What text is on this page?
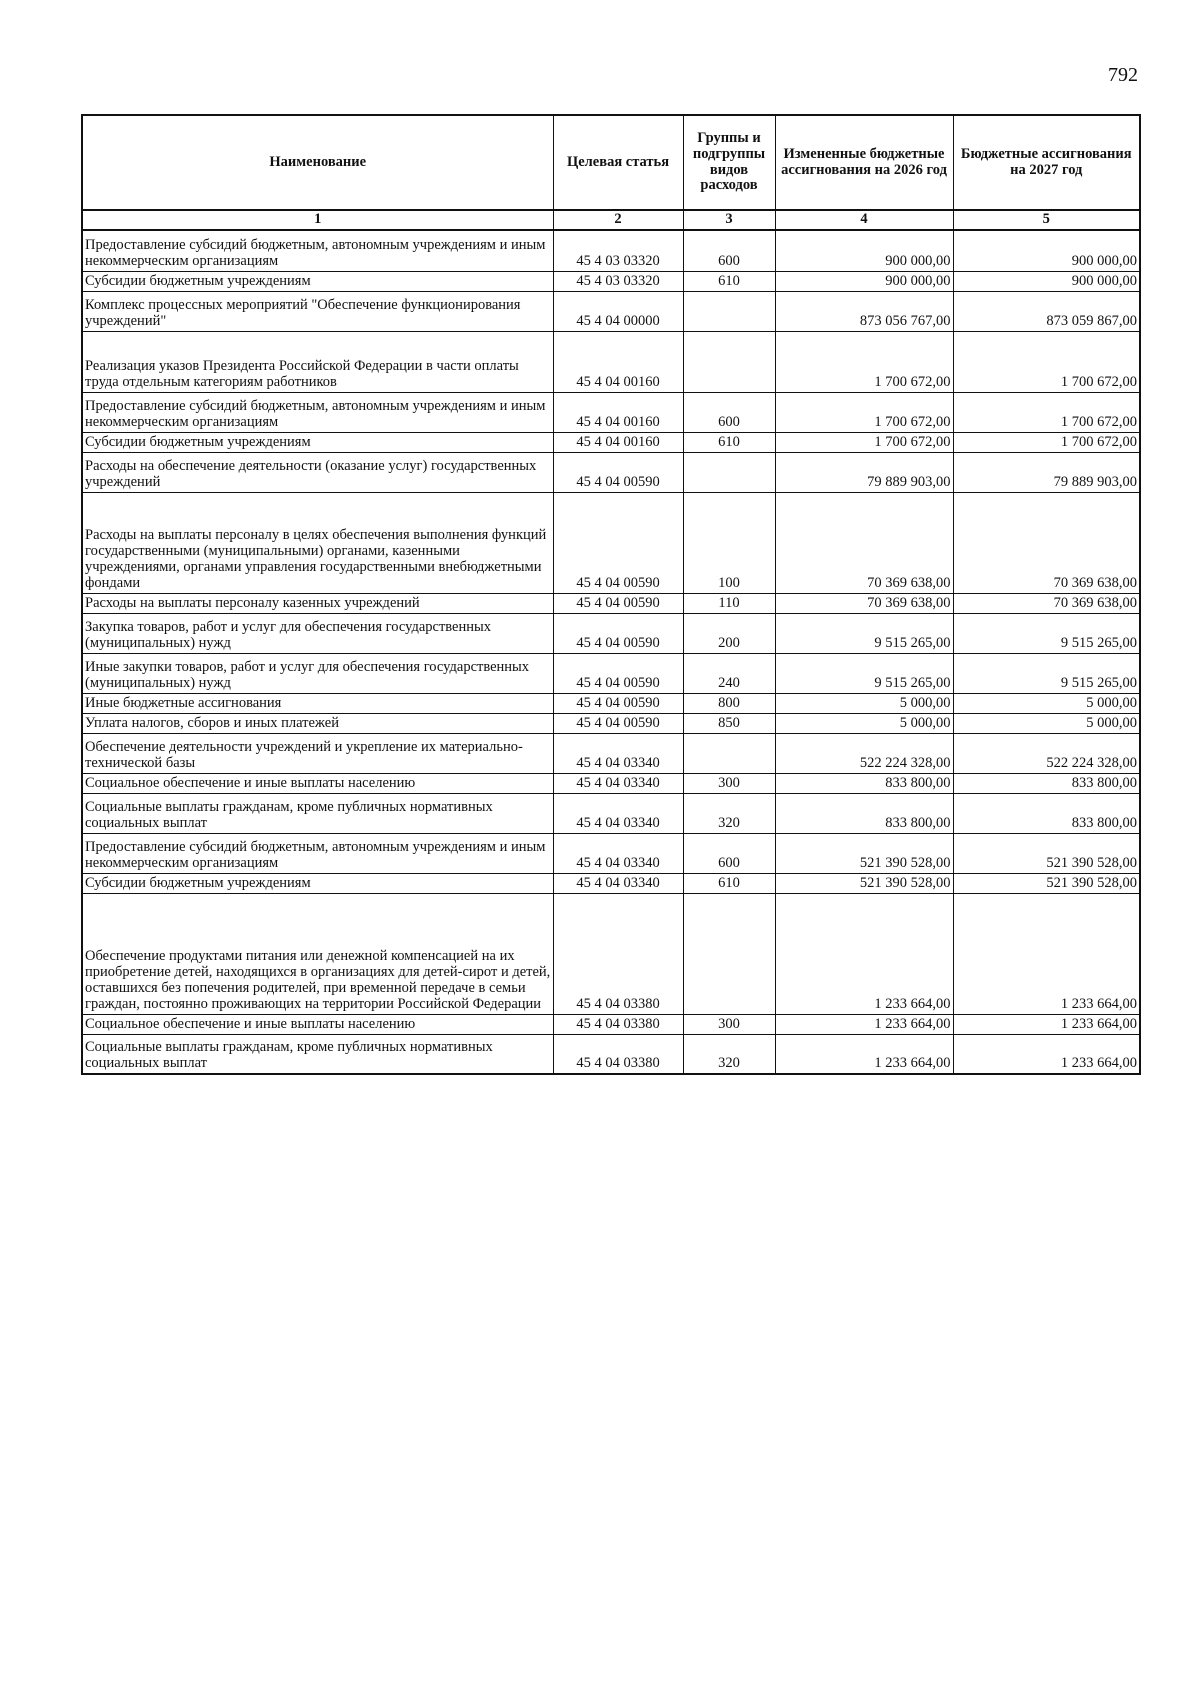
792
Наименование	Целевая статья	Группы и подгруппы видов расходов	Измененные бюджетные ассигнования на 2026 год	Бюджетные ассигнования на 2027 год
1	2	3	4	5
Предоставление субсидий бюджетным, автономным учреждениям и иным некоммерческим организациям	45 4 03 03320	600	900 000,00	900 000,00
Субсидии бюджетным учреждениям	45 4 03 03320	610	900 000,00	900 000,00
Комплекс процессных мероприятий "Обеспечение функционирования учреждений"	45 4 04 00000		873 056 767,00	873 059 867,00
Реализация указов Президента Российской Федерации в части оплаты труда отдельным категориям работников	45 4 04 00160		1 700 672,00	1 700 672,00
Предоставление субсидий бюджетным, автономным учреждениям и иным некоммерческим организациям	45 4 04 00160	600	1 700 672,00	1 700 672,00
Субсидии бюджетным учреждениям	45 4 04 00160	610	1 700 672,00	1 700 672,00
Расходы на обеспечение деятельности (оказание услуг) государственных учреждений	45 4 04 00590		79 889 903,00	79 889 903,00
Расходы на выплаты персоналу в целях обеспечения выполнения функций государственными (муниципальными) органами, казенными учреждениями, органами управления государственными внебюджетными фондами	45 4 04 00590	100	70 369 638,00	70 369 638,00
Расходы на выплаты персоналу казенных учреждений	45 4 04 00590	110	70 369 638,00	70 369 638,00
Закупка товаров, работ и услуг для обеспечения государственных (муниципальных) нужд	45 4 04 00590	200	9 515 265,00	9 515 265,00
Иные закупки товаров, работ и услуг для обеспечения государственных (муниципальных) нужд	45 4 04 00590	240	9 515 265,00	9 515 265,00
Иные бюджетные ассигнования	45 4 04 00590	800	5 000,00	5 000,00
Уплата налогов, сборов и иных платежей	45 4 04 00590	850	5 000,00	5 000,00
Обеспечение деятельности учреждений и укрепление их материально-технической базы	45 4 04 03340		522 224 328,00	522 224 328,00
Социальное обеспечение и иные выплаты населению	45 4 04 03340	300	833 800,00	833 800,00
Социальные выплаты гражданам, кроме публичных нормативных социальных выплат	45 4 04 03340	320	833 800,00	833 800,00
Предоставление субсидий бюджетным, автономным учреждениям и иным некоммерческим организациям	45 4 04 03340	600	521 390 528,00	521 390 528,00
Субсидии бюджетным учреждениям	45 4 04 03340	610	521 390 528,00	521 390 528,00
Обеспечение продуктами питания или денежной компенсацией на их приобретение детей, находящихся в организациях для детей-сирот и детей, оставшихся без попечения родителей, при временной передаче в семьи граждан, постоянно проживающих на территории Российской Федерации	45 4 04 03380		1 233 664,00	1 233 664,00
Социальное обеспечение и иные выплаты населению	45 4 04 03380	300	1 233 664,00	1 233 664,00
Социальные выплаты гражданам, кроме публичных нормативных социальных выплат	45 4 04 03380	320	1 233 664,00	1 233 664,00
